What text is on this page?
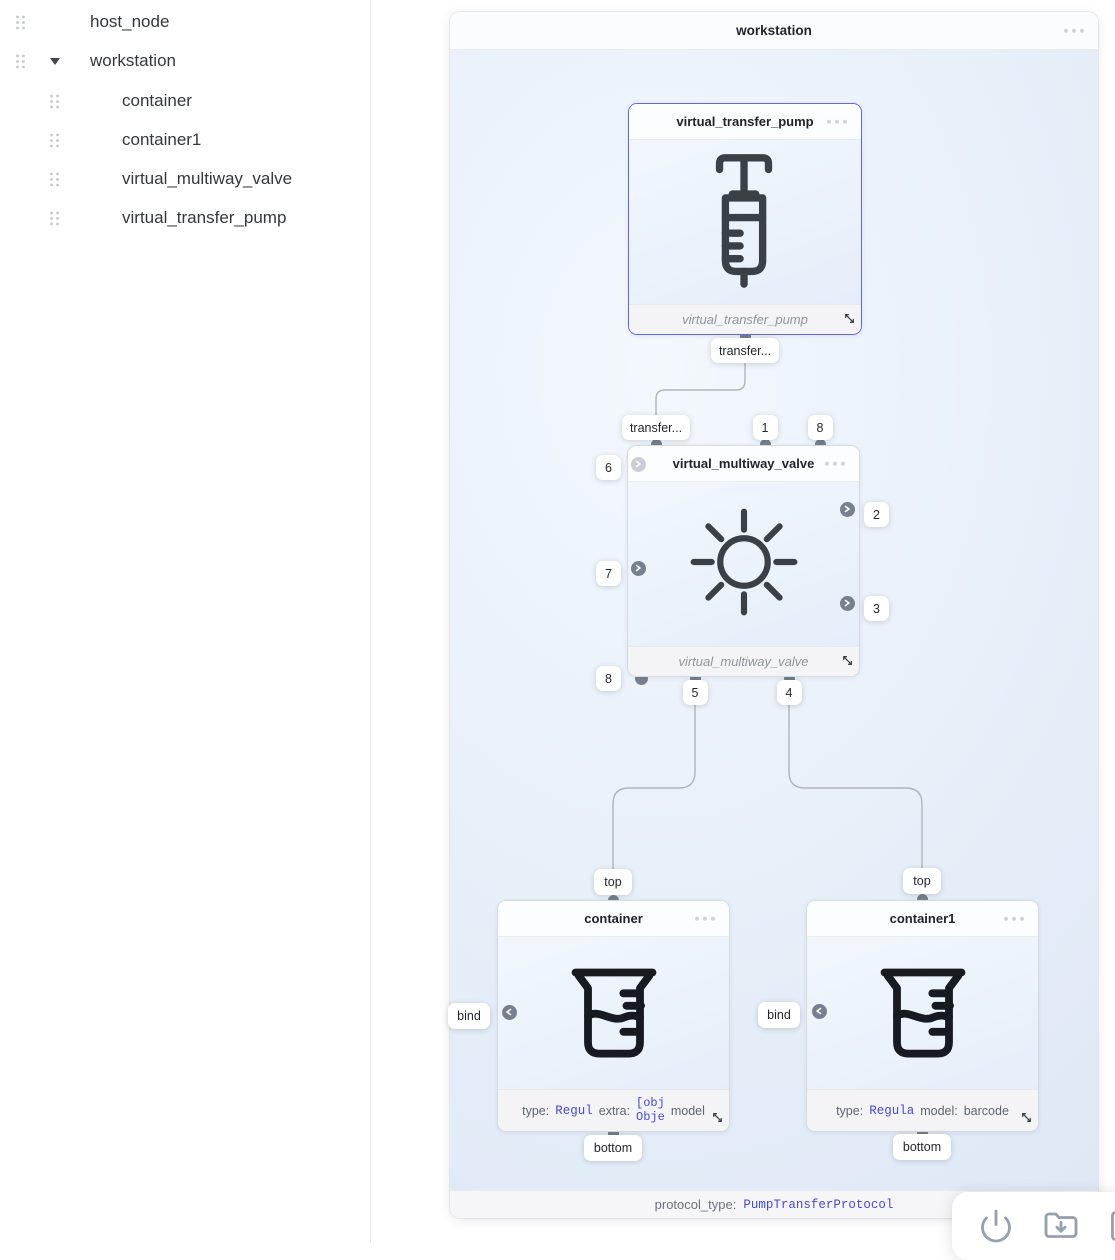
host_node
workstation
container
container1
virtual_multiway_valve
virtual_transfer_pump
workstation
protocol_type: PumpTransferProtocol
virtual_transfer_pump
virtual_transfer_pump
transfer...
virtual_multiway_valve
virtual_multiway_valve
transfer...	1	8
6
7
8
2
3
5	4
container
type: Regul extra:
[obj
Obje model
top
bind
bottom
container1
type: Regula model: barcode
top
bind
bottom
